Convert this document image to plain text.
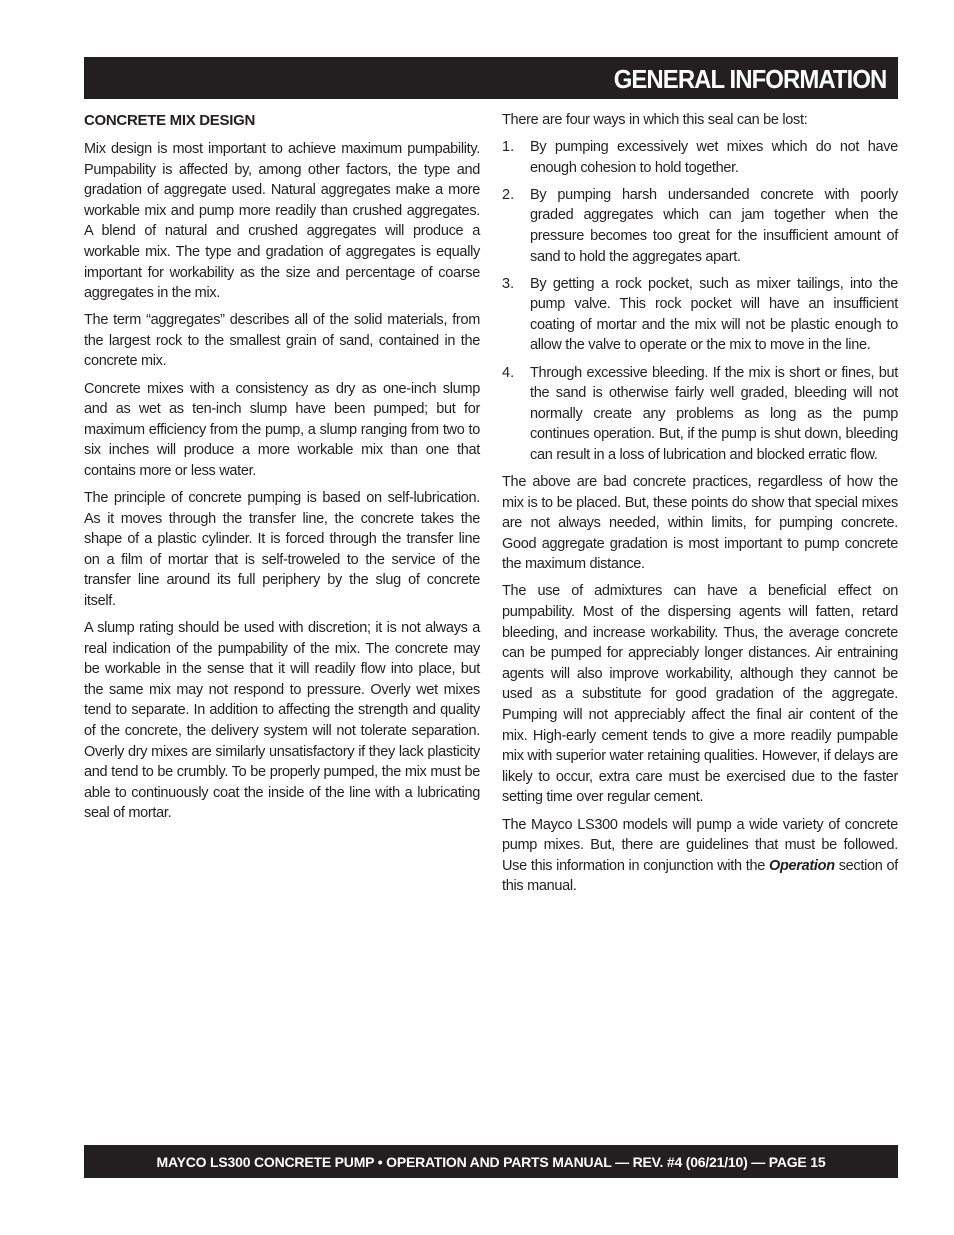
GENERAL INFORMATION
CONCRETE MIX DESIGN

Mix design is most important to achieve maximum pumpability. Pumpability is affected by, among other factors, the type and gradation of aggregate used. Natural aggregates make a more workable mix and pump more readily than crushed aggregates. A blend of natural and crushed aggregates will produce a workable mix. The type and gradation of aggregates is equally important for workability as the size and percentage of coarse aggregates in the mix.

The term “aggregates” describes all of the solid materials, from the largest rock to the smallest grain of sand, contained in the concrete mix.

Concrete mixes with a consistency as dry as one-inch slump and as wet as ten-inch slump have been pumped; but for maximum efficiency from the pump, a slump ranging from two to six inches will produce a more workable mix than one that contains more or less water.

The principle of concrete pumping is based on self-lubrication. As it moves through the transfer line, the concrete takes the shape of a plastic cylinder. It is forced through the transfer line on a film of mortar that is self-troweled to the service of the transfer line around its full periphery by the slug of concrete itself.

A slump rating should be used with discretion; it is not always a real indication of the pumpability of the mix. The concrete may be workable in the sense that it will readily flow into place, but the same mix may not respond to pressure. Overly wet mixes tend to separate. In addition to affecting the strength and quality of the concrete, the delivery system will not tolerate separation. Overly dry mixes are similarly unsatisfactory if they lack plasticity and tend to be crumbly. To be properly pumped, the mix must be able to continuously coat the inside of the line with a lubricating seal of mortar.

There are four ways in which this seal can be lost:

1.	By pumping excessively wet mixes which do not have enough cohesion to hold together.
2.	By pumping harsh undersanded concrete with poorly graded aggregates which can jam together when the pressure becomes too great for the insufficient amount of sand to hold the aggregates apart.
3.	By getting a rock pocket, such as mixer tailings, into the pump valve. This rock pocket will have an insufficient coating of mortar and the mix will not be plastic enough to allow the valve to operate or the mix to move in the line.
4.	Through excessive bleeding. If the mix is short or fines, but the sand is otherwise fairly well graded, bleeding will not normally create any problems as long as the pump continues operation. But, if the pump is shut down, bleeding can result in a loss of lubrication and blocked erratic flow.

The above are bad concrete practices, regardless of how the mix is to be placed. But, these points do show that special mixes are not always needed, within limits, for pumping concrete. Good aggregate gradation is most important to pump concrete the maximum distance.

The use of admixtures can have a beneficial effect on pumpability. Most of the dispersing agents will fatten, retard bleeding, and increase workability. Thus, the average concrete can be pumped for appreciably longer distances. Air entraining agents will also improve workability, although they cannot be used as a substitute for good gradation of the aggregate. Pumping will not appreciably affect the final air content of the mix. High-early cement tends to give a more readily pumpable mix with superior water retaining qualities. However, if delays are likely to occur, extra care must be exercised due to the faster setting time over regular cement.

The Mayco LS300 models will pump a wide variety of concrete pump mixes. But, there are guidelines that must be followed. Use this information in conjunction with the Operation section of this manual.

MAYCO LS300 CONCRETE PUMP • OPERATION AND PARTS MANUAL — REV. #4 (06/21/10) — PAGE 15
